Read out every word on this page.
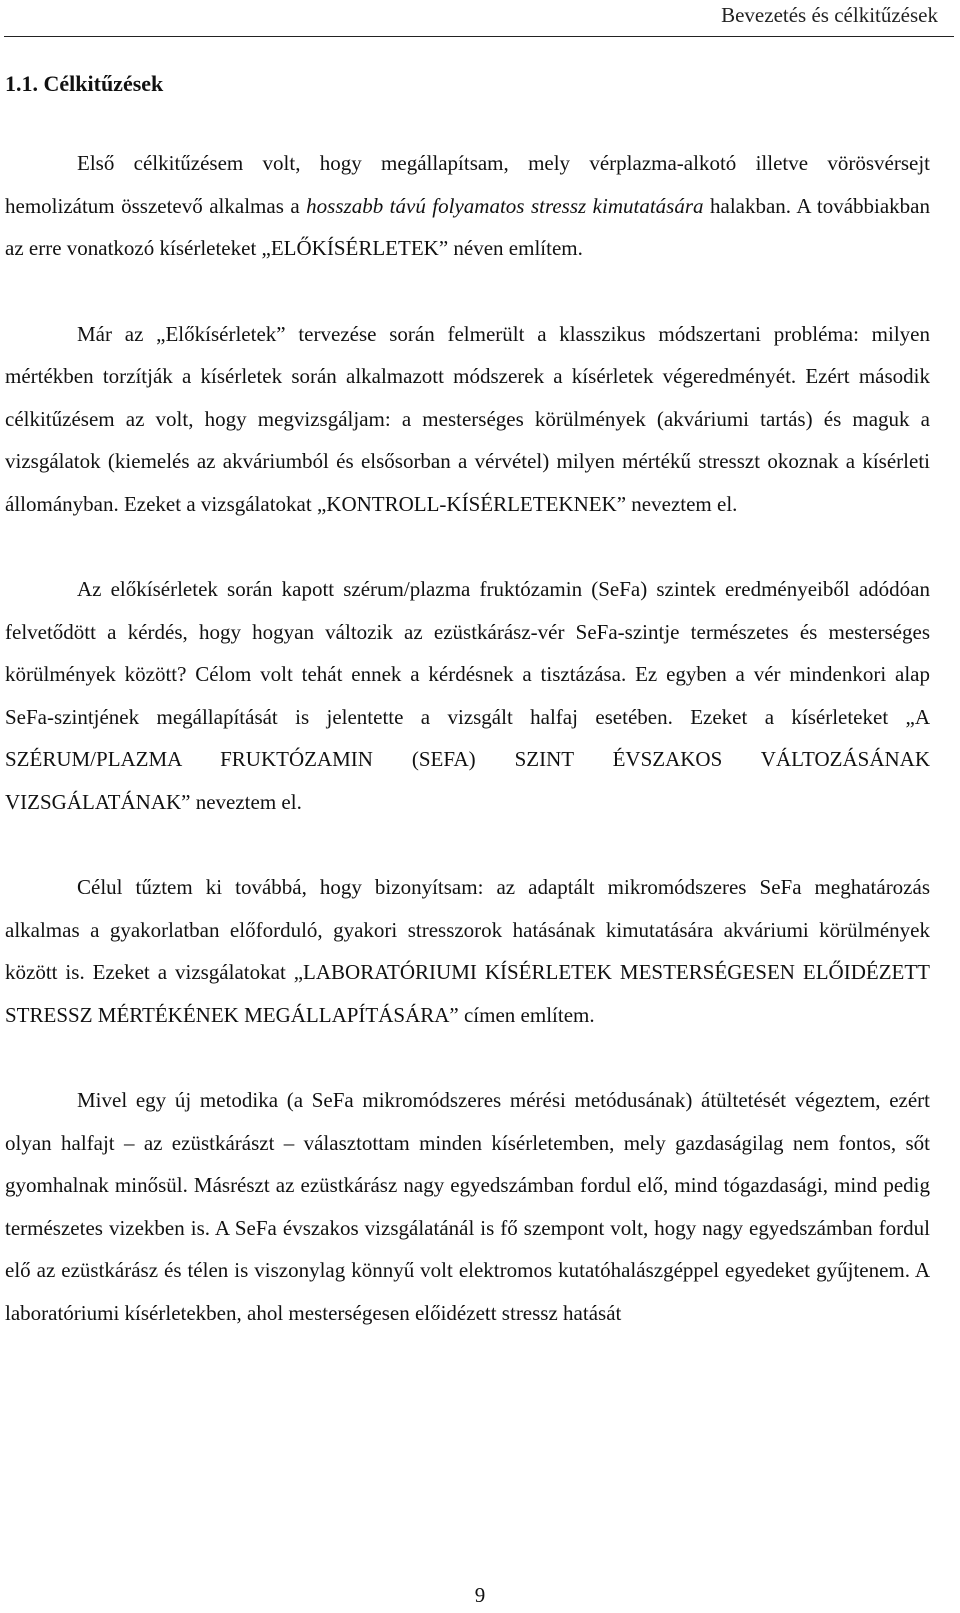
Bevezetés és célkitűzések
1.1. Célkitűzések

Első célkitűzésem volt, hogy megállapítsam, mely vérplazma-alkotó illetve vörösvérsejt hemolizátum összetevő alkalmas a hosszabb távú folyamatos stressz kimutatására halakban. A továbbiakban az erre vonatkozó kísérleteket „ELŐKÍSÉRLETEK” néven említem.

Már az „Előkísérletek” tervezése során felmerült a klasszikus módszertani probléma: milyen mértékben torzítják a kísérletek során alkalmazott módszerek a kísérletek végeredményét. Ezért második célkitűzésem az volt, hogy megvizsgáljam: a mesterséges körülmények (akváriumi tartás) és maguk a vizsgálatok (kiemelés az akváriumból és elsősorban a vérvétel) milyen mértékű stresszt okoznak a kísérleti állományban. Ezeket a vizsgálatokat „KONTROLL-KÍSÉRLETEKNEK” neveztem el.

Az előkísérletek során kapott szérum/plazma fruktózamin (SeFa) szintek eredményeiből adódóan felvetődött a kérdés, hogy hogyan változik az ezüstkárász-vér SeFa-szintje természetes és mesterséges körülmények között? Célom volt tehát ennek a kérdésnek a tisztázása. Ez egyben a vér mindenkori alap SeFa-szintjének megállapítását is jelentette a vizsgált halfaj esetében. Ezeket a kísérleteket „A SZÉRUM/PLAZMA FRUKTÓZAMIN (SEFA) SZINT ÉVSZAKOS VÁLTOZÁSÁNAK VIZSGÁLATÁNAK” neveztem el.

Célul tűztem ki továbbá, hogy bizonyítsam: az adaptált mikromódszeres SeFa meghatározás alkalmas a gyakorlatban előforduló, gyakori stresszorok hatásának kimutatására akváriumi körülmények között is. Ezeket a vizsgálatokat „LABORATÓRIUMI KÍSÉRLETEK MESTERSÉGESEN ELŐIDÉZETT STRESSZ MÉRTÉKÉNEK MEGÁLLAPÍTÁSÁRA” címen említem.

Mivel egy új metodika (a SeFa mikromódszeres mérési metódusának) átültetését végeztem, ezért olyan halfajt – az ezüstkárászt – választottam minden kísérletemben, mely gazdaságilag nem fontos, sőt gyomhalnak minősül. Másrészt az ezüstkárász nagy egyedszámban fordul elő, mind tógazdasági, mind pedig természetes vizekben is. A SeFa évszakos vizsgálatánál is fő szempont volt, hogy nagy egyedszámban fordul elő az ezüstkárász és télen is viszonylag könnyű volt elektromos kutatóhalászgéppel egyedeket gyűjtenem. A laboratóriumi kísérletekben, ahol mesterségesen előidézett stressz hatását

9
